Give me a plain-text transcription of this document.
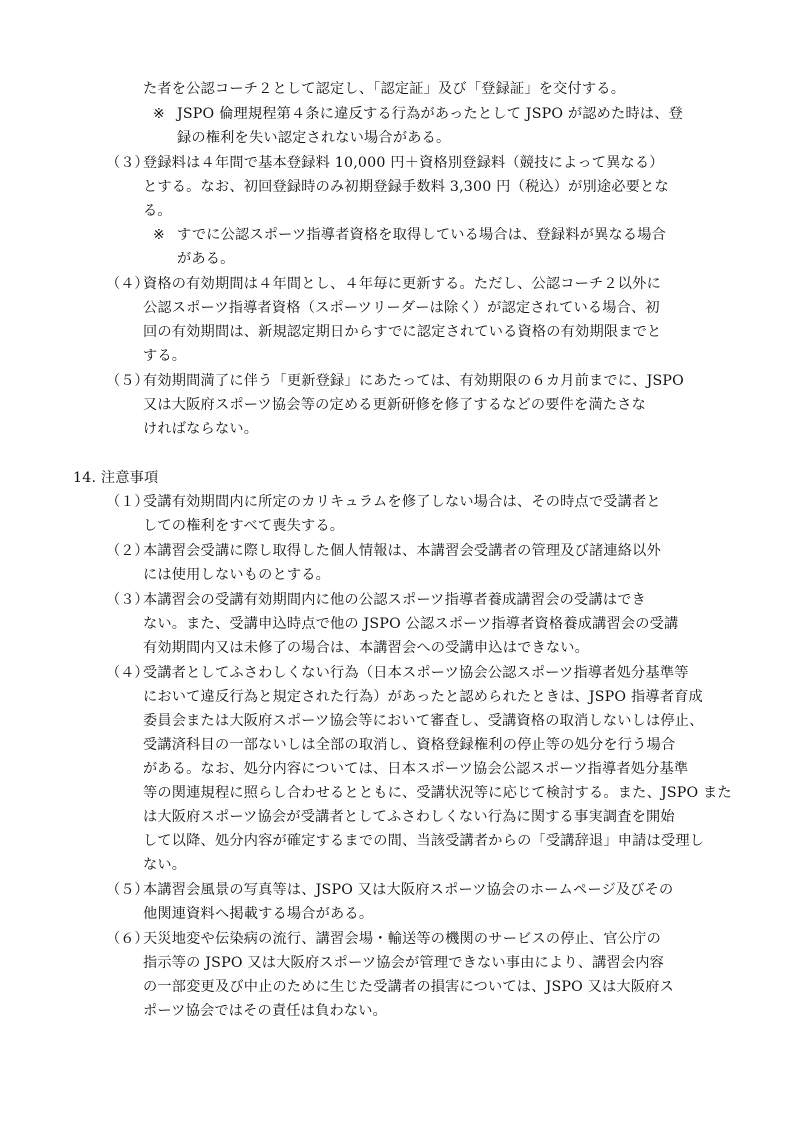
た者を公認コーチ２として認定し、「認定証」及び「登録証」を交付する。
※ JSPO 倫理規程第４条に違反する行為があったとして JSPO が認めた時は、登
録の権利を失い認定されない場合がある。
（３）
登録料は４年間で基本登録料 10,000 円＋資格別登録料（競技によって異なる）
とする。なお、初回登録時のみ初期登録手数料 3,300 円（税込）が別途必要とな
る。
※ すでに公認スポーツ指導者資格を取得している場合は、登録料が異なる場合
がある。
（４）
資格の有効期間は４年間とし、４年毎に更新する。ただし、公認コーチ２以外に
公認スポーツ指導者資格（スポーツリーダーは除く）が認定されている場合、初
回の有効期間は、新規認定期日からすでに認定されている資格の有効期限までと
する。
（５）
有効期間満了に伴う「更新登録」にあたっては、有効期限の６カ月前までに、JSPO
又は大阪府スポーツ協会等の定める更新研修を修了するなどの要件を満たさな
ければならない。
14. 注意事項
（１）
受講有効期間内に所定のカリキュラムを修了しない場合は、その時点で受講者と
しての権利をすべて喪失する。
（２）
本講習会受講に際し取得した個人情報は、本講習会受講者の管理及び諸連絡以外
には使用しないものとする。
（３）
本講習会の受講有効期間内に他の公認スポーツ指導者養成講習会の受講はでき
ない。また、受講申込時点で他の JSPO 公認スポーツ指導者資格養成講習会の受講
有効期間内又は未修了の場合は、本講習会への受講申込はできない。
（４）
受講者としてふさわしくない行為（日本スポーツ協会公認スポーツ指導者処分基準等
において違反行為と規定された行為）があったと認められたときは、JSPO 指導者育成
委員会または大阪府スポーツ協会等において審査し、受講資格の取消しないしは停止、
受講済科目の一部ないしは全部の取消し、資格登録権利の停止等の処分を行う場合
がある。なお、処分内容については、日本スポーツ協会公認スポーツ指導者処分基準
等の関連規程に照らし合わせるとともに、受講状況等に応じて検討する。また、JSPO また
は大阪府スポーツ協会が受講者としてふさわしくない行為に関する事実調査を開始
して以降、処分内容が確定するまでの間、当該受講者からの「受講辞退」申請は受理し
ない。
（５）
本講習会風景の写真等は、JSPO 又は大阪府スポーツ協会のホームページ及びその
他関連資料へ掲載する場合がある。
（６）
天災地変や伝染病の流行、講習会場・輸送等の機関のサービスの停止、官公庁の
指示等の JSPO 又は大阪府スポーツ協会が管理できない事由により、講習会内容
の一部変更及び中止のために生じた受講者の損害については、JSPO 又は大阪府ス
ポーツ協会ではその責任は負わない。
